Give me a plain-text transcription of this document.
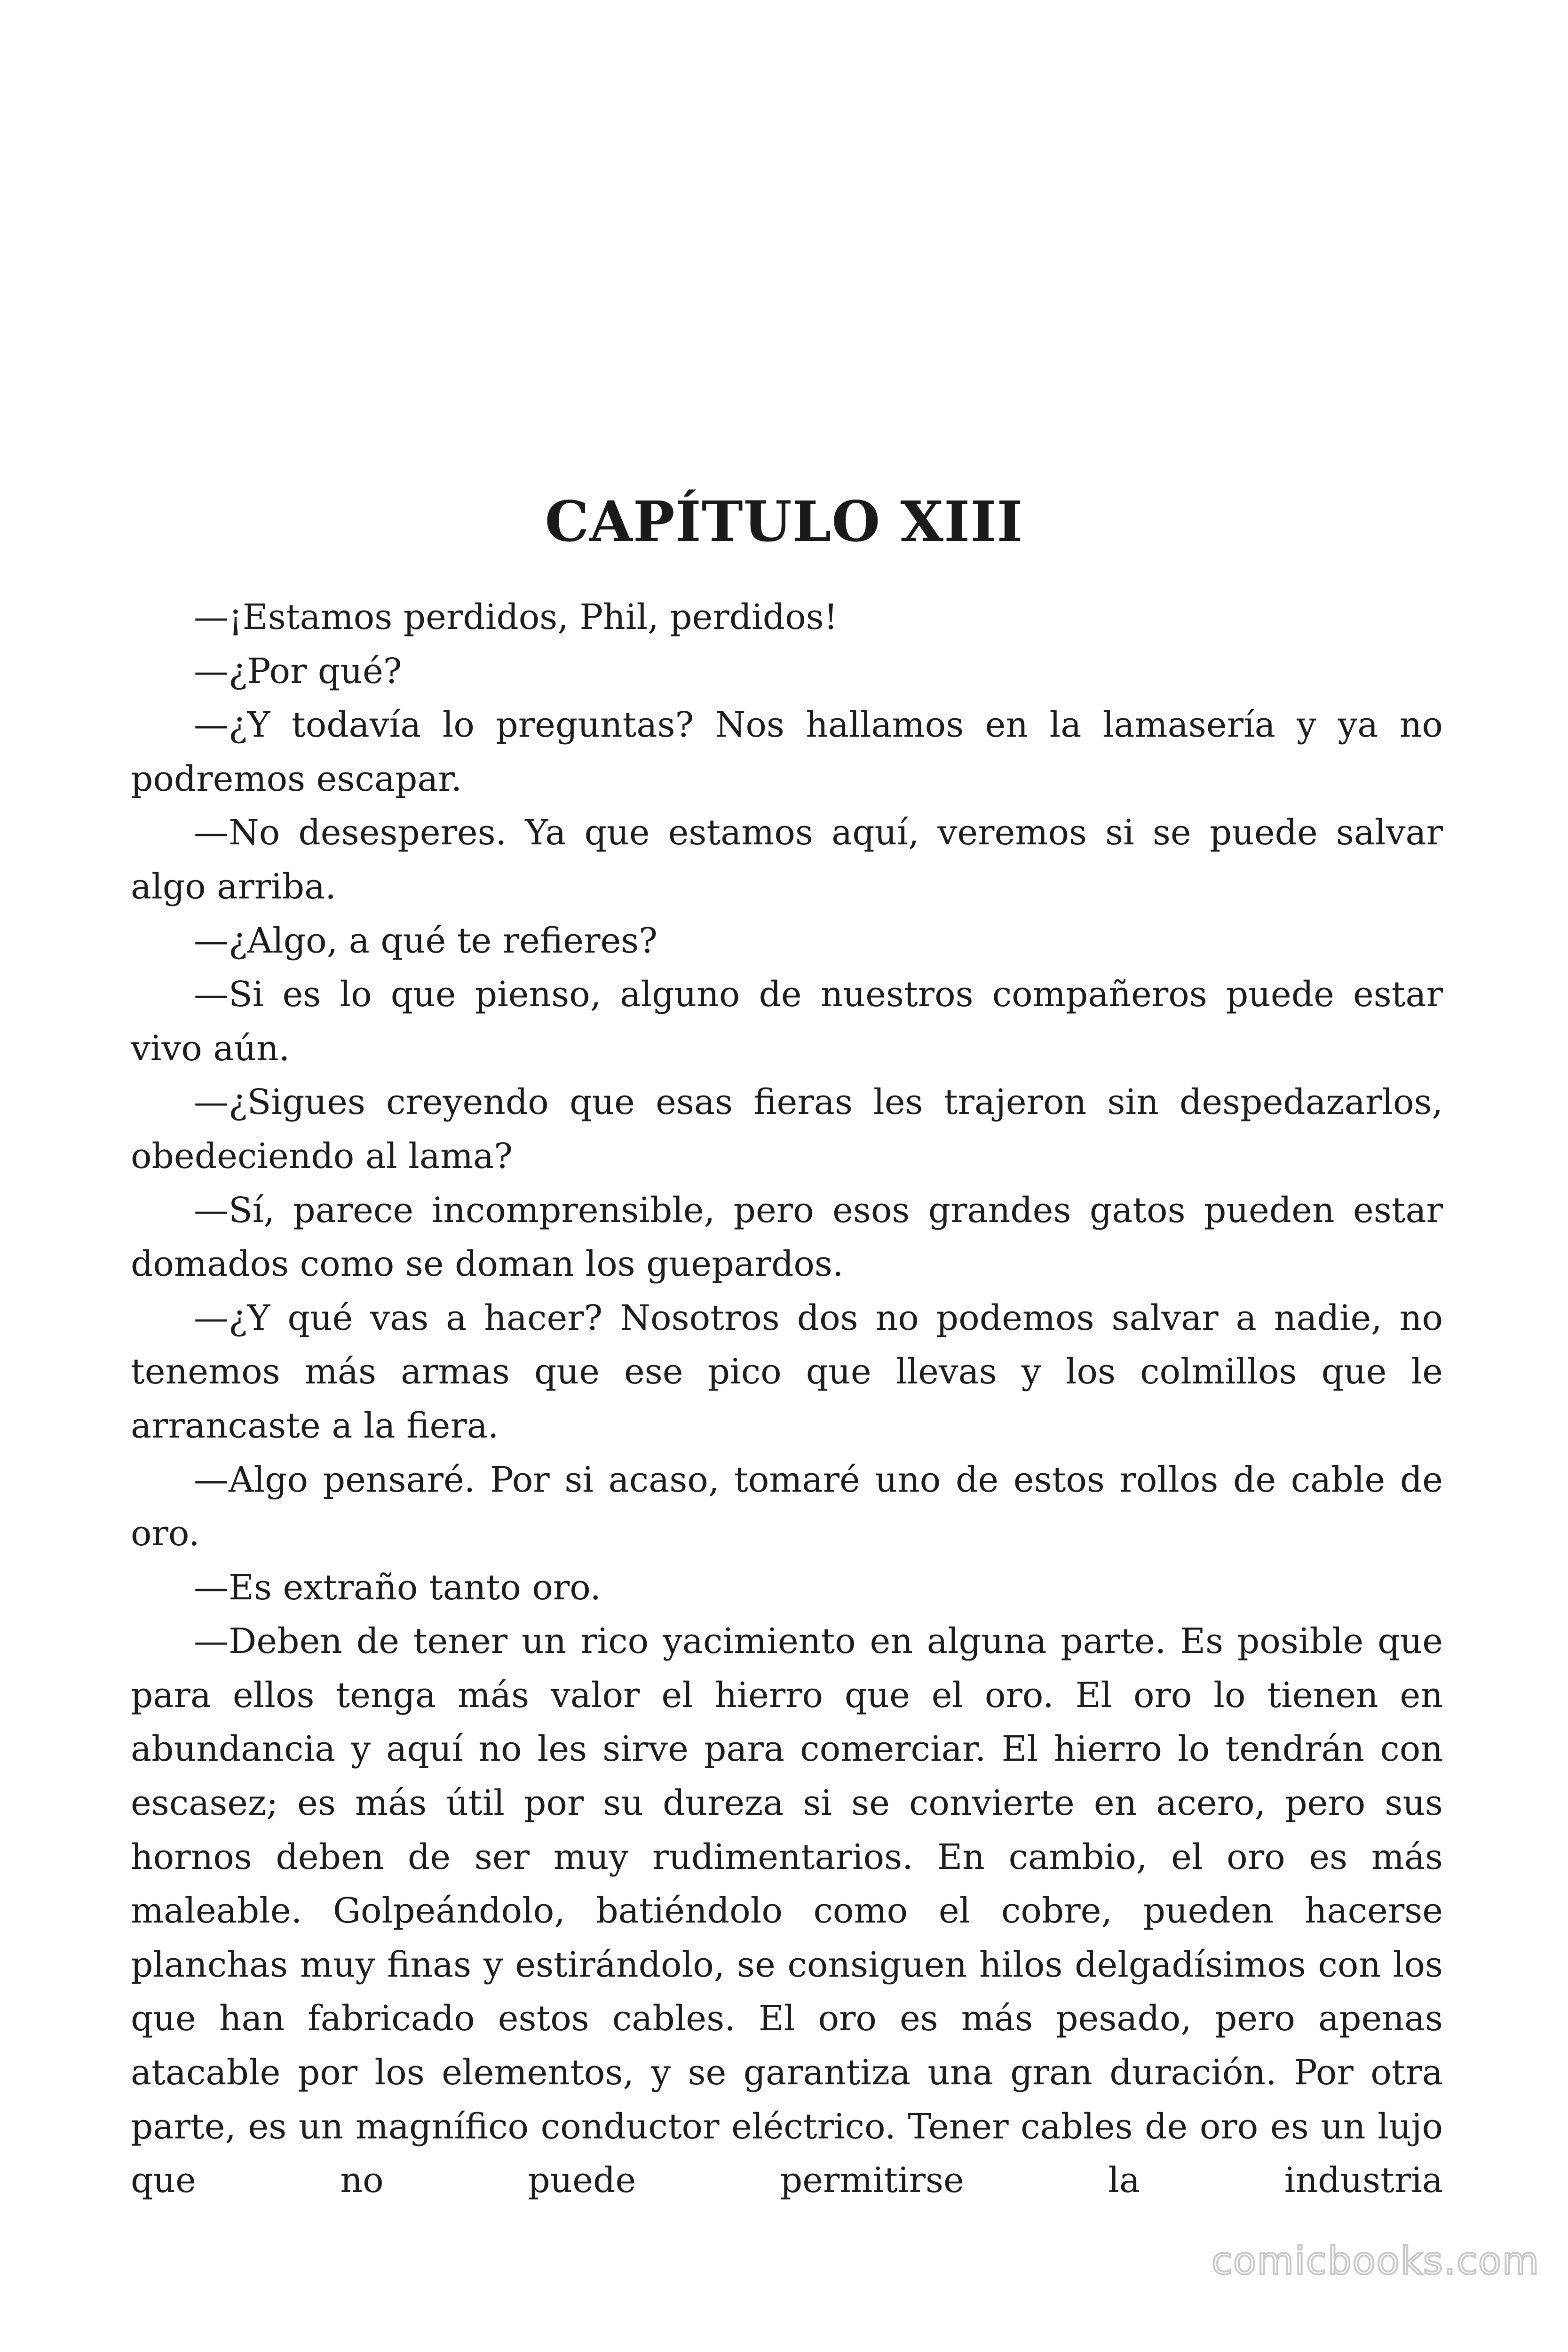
CAPÍTULO XIII

—¡Estamos perdidos, Phil, perdidos!

—¿Por qué?

—¿Y todavía lo preguntas? Nos hallamos en la lamasería y ya no podremos escapar.

—No desesperes. Ya que estamos aquí, veremos si se puede salvar algo arriba.

—¿Algo, a qué te refieres?

—Si es lo que pienso, alguno de nuestros compañeros puede estar vivo aún.

—¿Sigues creyendo que esas fieras les trajeron sin despedazarlos, obedeciendo al lama?

—Sí, parece incomprensible, pero esos grandes gatos pueden estar domados como se doman los guepardos.

—¿Y qué vas a hacer? Nosotros dos no podemos salvar a nadie, no tenemos más armas que ese pico que llevas y los colmillos que le arrancaste a la fiera.

—Algo pensaré. Por si acaso, tomaré uno de estos rollos de cable de oro.

—Es extraño tanto oro.

—Deben de tener un rico yacimiento en alguna parte. Es posible que para ellos tenga más valor el hierro que el oro. El oro lo tienen en abundancia y aquí no les sirve para comerciar. El hierro lo tendrán con escasez; es más útil por su dureza si se convierte en acero, pero sus hornos deben de ser muy rudimentarios. En cambio, el oro es más maleable. Golpeándolo, batiéndolo como el cobre, pueden hacerse planchas muy finas y estirándolo, se consiguen hilos delgadísimos con los que han fabricado estos cables. El oro es más pesado, pero apenas atacable por los elementos, y se garantiza una gran duración. Por otra parte, es un magnífico conductor eléctrico. Tener cables de oro es un lujo que no puede permitirse la industria

comicbooks.com
